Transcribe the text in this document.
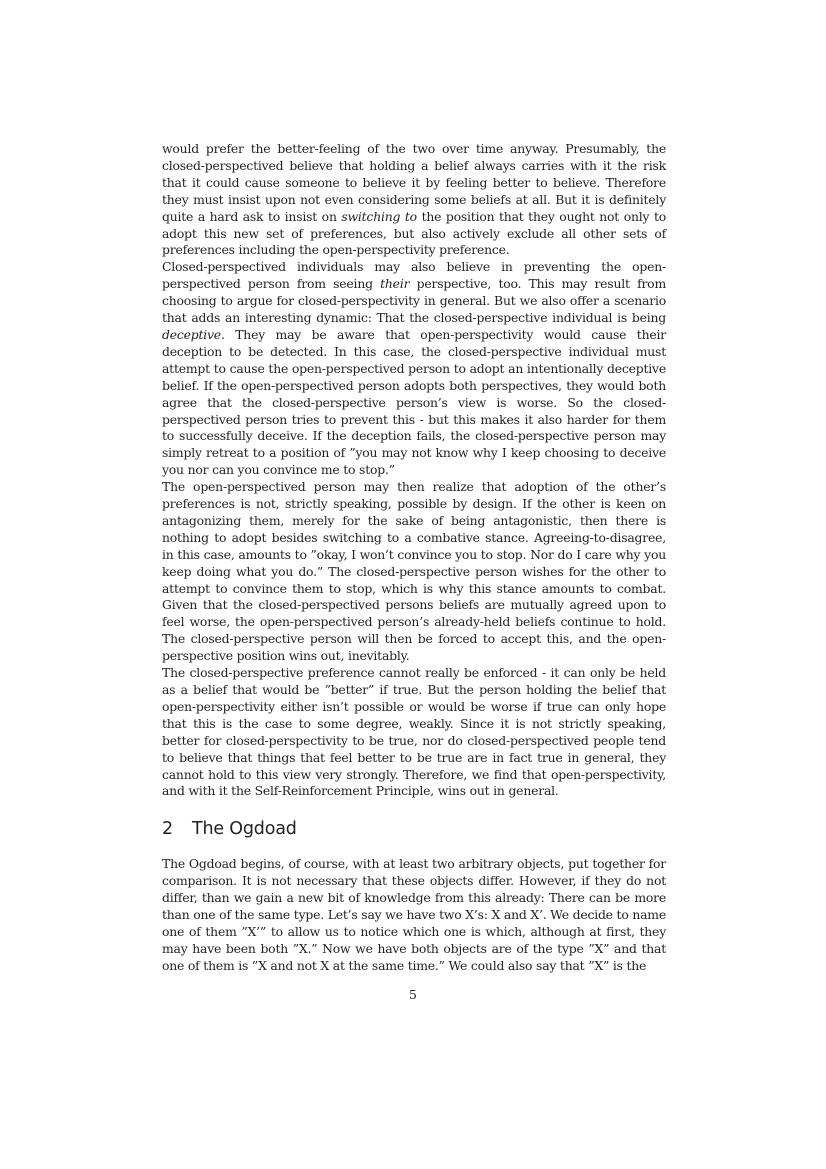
would prefer the better-feeling of the two over time anyway. Presumably, the closed-perspectived believe that holding a belief always carries with it the risk that it could cause someone to believe it by feeling better to believe. Therefore they must insist upon not even considering some beliefs at all. But it is definitely quite a hard ask to insist on switching to the position that they ought not only to adopt this new set of preferences, but also actively exclude all other sets of preferences including the open-perspectivity preference.

Closed-perspectived individuals may also believe in preventing the open-perspectived person from seeing their perspective, too. This may result from choosing to argue for closed-perspectivity in general. But we also offer a scenario that adds an interesting dynamic: That the closed-perspective individual is being deceptive. They may be aware that open-perspectivity would cause their deception to be detected. In this case, the closed-perspective individual must attempt to cause the open-perspectived person to adopt an intentionally deceptive belief. If the open-perspectived person adopts both perspectives, they would both agree that the closed-perspective person’s view is worse. So the closed-perspectived person tries to prevent this - but this makes it also harder for them to successfully deceive. If the deception fails, the closed-perspective person may simply retreat to a position of ”you may not know why I keep choosing to deceive you nor can you convince me to stop.”

The open-perspectived person may then realize that adoption of the other’s preferences is not, strictly speaking, possible by design. If the other is keen on antagonizing them, merely for the sake of being antagonistic, then there is nothing to adopt besides switching to a combative stance. Agreeing-to-disagree, in this case, amounts to ”okay, I won’t convince you to stop. Nor do I care why you keep doing what you do.” The closed-perspective person wishes for the other to attempt to convince them to stop, which is why this stance amounts to combat. Given that the closed-perspectived persons beliefs are mutually agreed upon to feel worse, the open-perspectived person’s already-held beliefs continue to hold. The closed-perspective person will then be forced to accept this, and the open-perspective position wins out, inevitably.

The closed-perspective preference cannot really be enforced - it can only be held as a belief that would be ”better” if true. But the person holding the belief that open-perspectivity either isn’t possible or would be worse if true can only hope that this is the case to some degree, weakly. Since it is not strictly speaking, better for closed-perspectivity to be true, nor do closed-perspectived people tend to believe that things that feel better to be true are in fact true in general, they cannot hold to this view very strongly. Therefore, we find that open-perspectivity, and with it the Self-Reinforcement Principle, wins out in general.

2 The Ogdoad

The Ogdoad begins, of course, with at least two arbitrary objects, put together for comparison. It is not necessary that these objects differ. However, if they do not differ, than we gain a new bit of knowledge from this already: There can be more than one of the same type. Let’s say we have two X’s: X and X’. We decide to name one of them ”X’” to allow us to notice which one is which, although at first, they may have been both ”X.” Now we have both objects are of the type ”X” and that one of them is ”X and not X at the same time.” We could also say that ”X” is the

5
